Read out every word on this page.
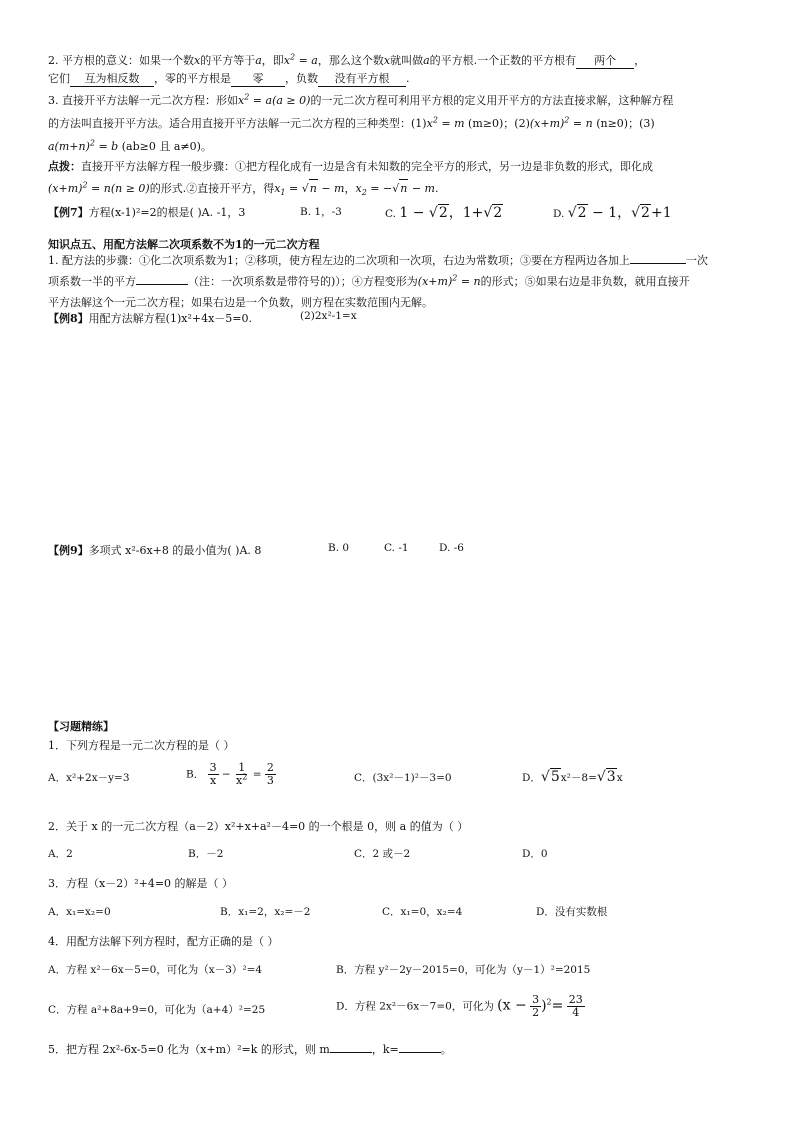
2. 平方根的意义：如果一个数x的平方等于a，即$x^2 = a$，那么这个数x就叫做a的平方根.一个正数的平方根有 两个 ，
它们 互为相反数 ，零的平方根是 零 ，负数 没有平方根 .
3. 直接开平方法解一元二次方程：形如$x^2 = a(a \ge 0)$的一元二次方程可利用平方根的定义用开平方的方法直接求解，这种解方程
的方法叫直接开平方法。适合用直接开平方法解一元二次方程的三种类型：$(1)x^2 = m$ (m≥0)；$(2)(x+m)^2 = n$ (n≥0)；(3)
$a(m+n)^2 = b$ (ab≥0 且 a≠0)。
点拨：直接开平方法解方程一般步骤：①把方程化成有一边是含有未知数的完全平方的形式，另一边是非负数的形式，即化成
$(x+m)^2 = n(n \ge 0)$的形式.②直接开平方，得$x_1 = √n - m$，$x_2 = -√n - m$.
【例7】方程(x-1)²=2的根是( )A. -1，3	B. 1，-3	C. 1 − √2，1+√2	D. √2 − 1，√2+1
知识点五、用配方法解二次项系数不为1的一元二次方程
1. 配方法的步骤：①化二次项系数为1；②移项，使方程左边的二次项和一次项，右边为常数项；③要在方程两边各加上	一次
项系数一半的平方	（注：一次项系数是带符号的)）；④方程变形为$(x+m)^2 = n$的形式；⑤如果右边是非负数，就用直接开
平方法解这个一元二次方程；如果右边是一个负数，则方程在实数范围内无解。
【例8】用配方法解方程(1)x²+4x－5=0.	(2)2x²-1=x
【例9】多项式 x²-6x+8 的最小值为( )A. 8	B. 0	C. -1	D. -6
【习题精练】
1．下列方程是一元二次方程的是（ ）
A．x²+2x－y=3	B． $\frac{3}{x} - \frac{1}{x^2} = \frac{2}{3}$	C．(3x²－1)²－3=0	D．√5x²－8=√3x
2．关于 x 的一元二次方程（a－2）x²+x+a²－4=0 的一个根是 0，则 a 的值为（ ）
A．2	B．－2	C．2 或－2	D．0
3．方程（x－2）²+4=0 的解是（ ）
A．x₁=x₂=0	B．x₁=2，x₂=－2	C．x₁=0，x₂=4	D．没有实数根
4．用配方法解下列方程时，配方正确的是（ ）
A．方程 x²－6x－5=0，可化为（x－3）²=4	B．方程 y²－2y－2015=0，可化为（y－1）²=2015
C．方程 a²+8a+9=0，可化为（a+4）²=25	D．方程 2x²－6x－7=0，可化为 $(x - \frac{3}{2} )^2= \frac{23}{4}$
5．把方程 2x²-6x-5=0 化为（x+m）²=k 的形式，则 m	，k=	。
